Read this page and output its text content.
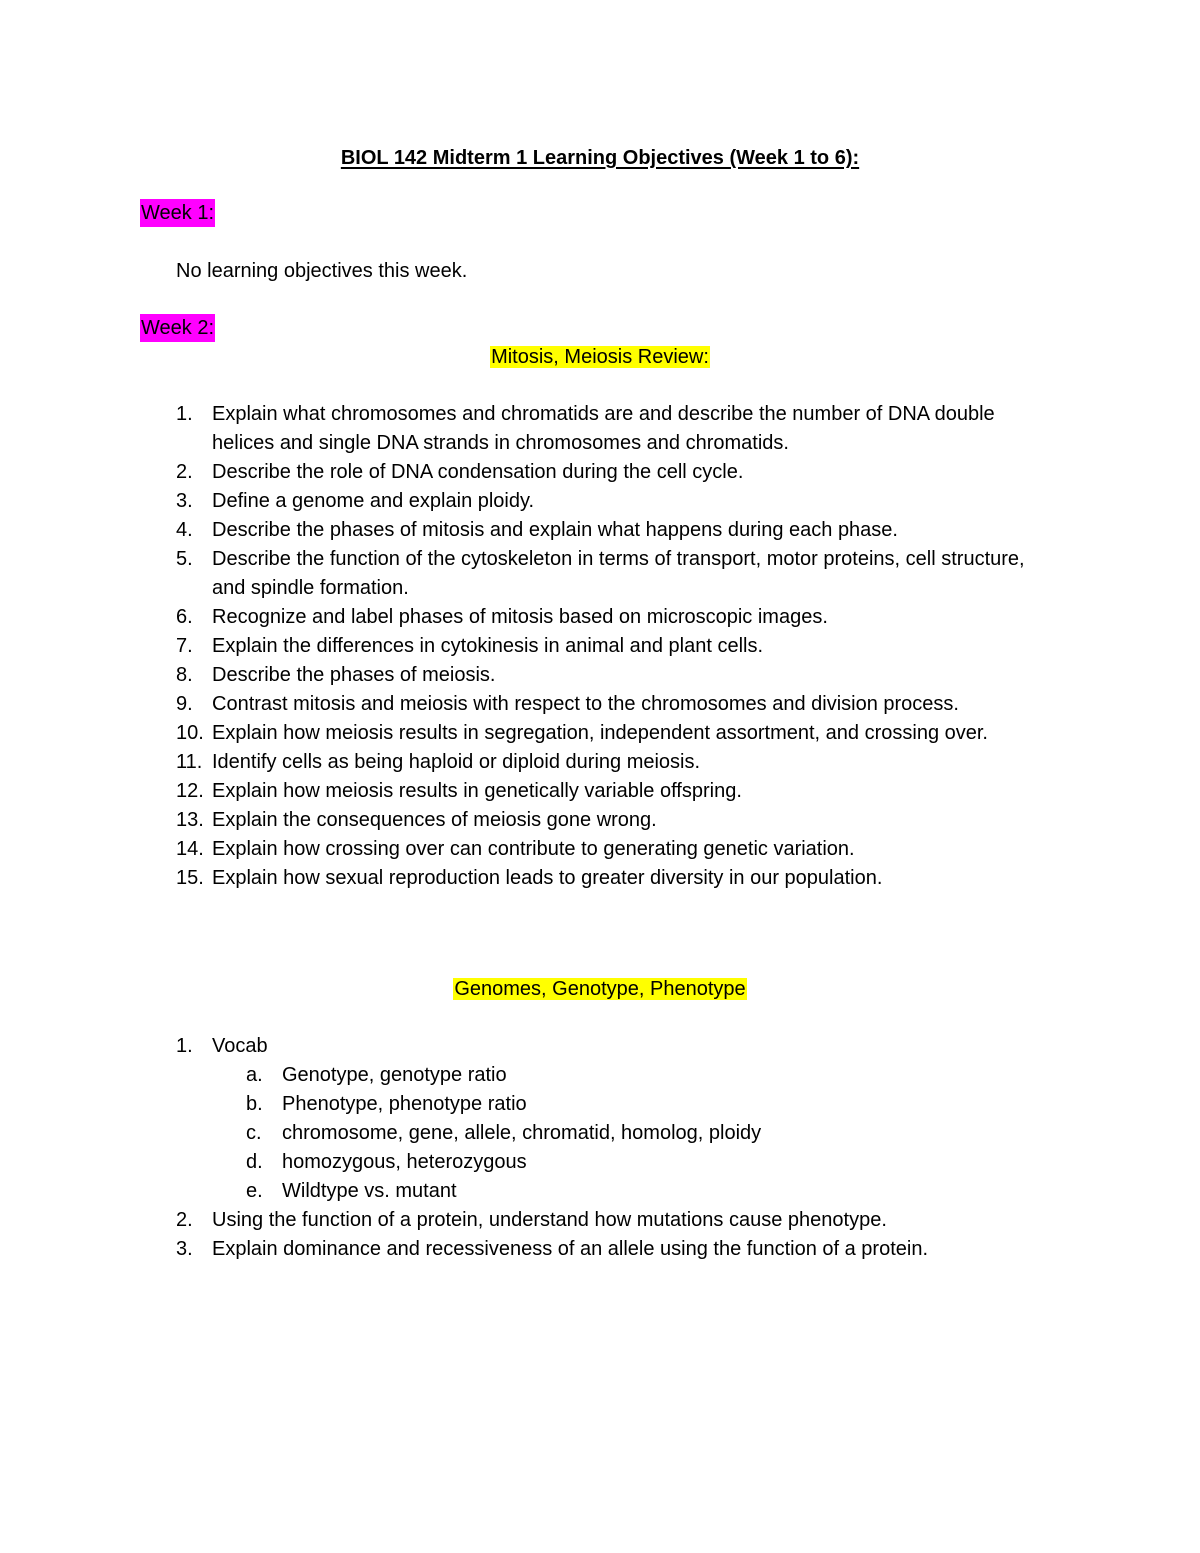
BIOL 142 Midterm 1 Learning Objectives (Week 1 to 6):
Week 1:
No learning objectives this week.
Week 2:
Mitosis, Meiosis Review:
1. Explain what chromosomes and chromatids are and describe the number of DNA double helices and single DNA strands in chromosomes and chromatids.
2. Describe the role of DNA condensation during the cell cycle.
3. Define a genome and explain ploidy.
4. Describe the phases of mitosis and explain what happens during each phase.
5. Describe the function of the cytoskeleton in terms of transport, motor proteins, cell structure, and spindle formation.
6. Recognize and label phases of mitosis based on microscopic images.
7. Explain the differences in cytokinesis in animal and plant cells.
8. Describe the phases of meiosis.
9. Contrast mitosis and meiosis with respect to the chromosomes and division process.
10. Explain how meiosis results in segregation, independent assortment, and crossing over.
11. Identify cells as being haploid or diploid during meiosis.
12. Explain how meiosis results in genetically variable offspring.
13. Explain the consequences of meiosis gone wrong.
14. Explain how crossing over can contribute to generating genetic variation.
15. Explain how sexual reproduction leads to greater diversity in our population.
Genomes, Genotype, Phenotype
1. Vocab
a. Genotype, genotype ratio
b. Phenotype, phenotype ratio
c. chromosome, gene, allele, chromatid, homolog, ploidy
d. homozygous, heterozygous
e. Wildtype vs. mutant
2. Using the function of a protein, understand how mutations cause phenotype.
3. Explain dominance and recessiveness of an allele using the function of a protein.
